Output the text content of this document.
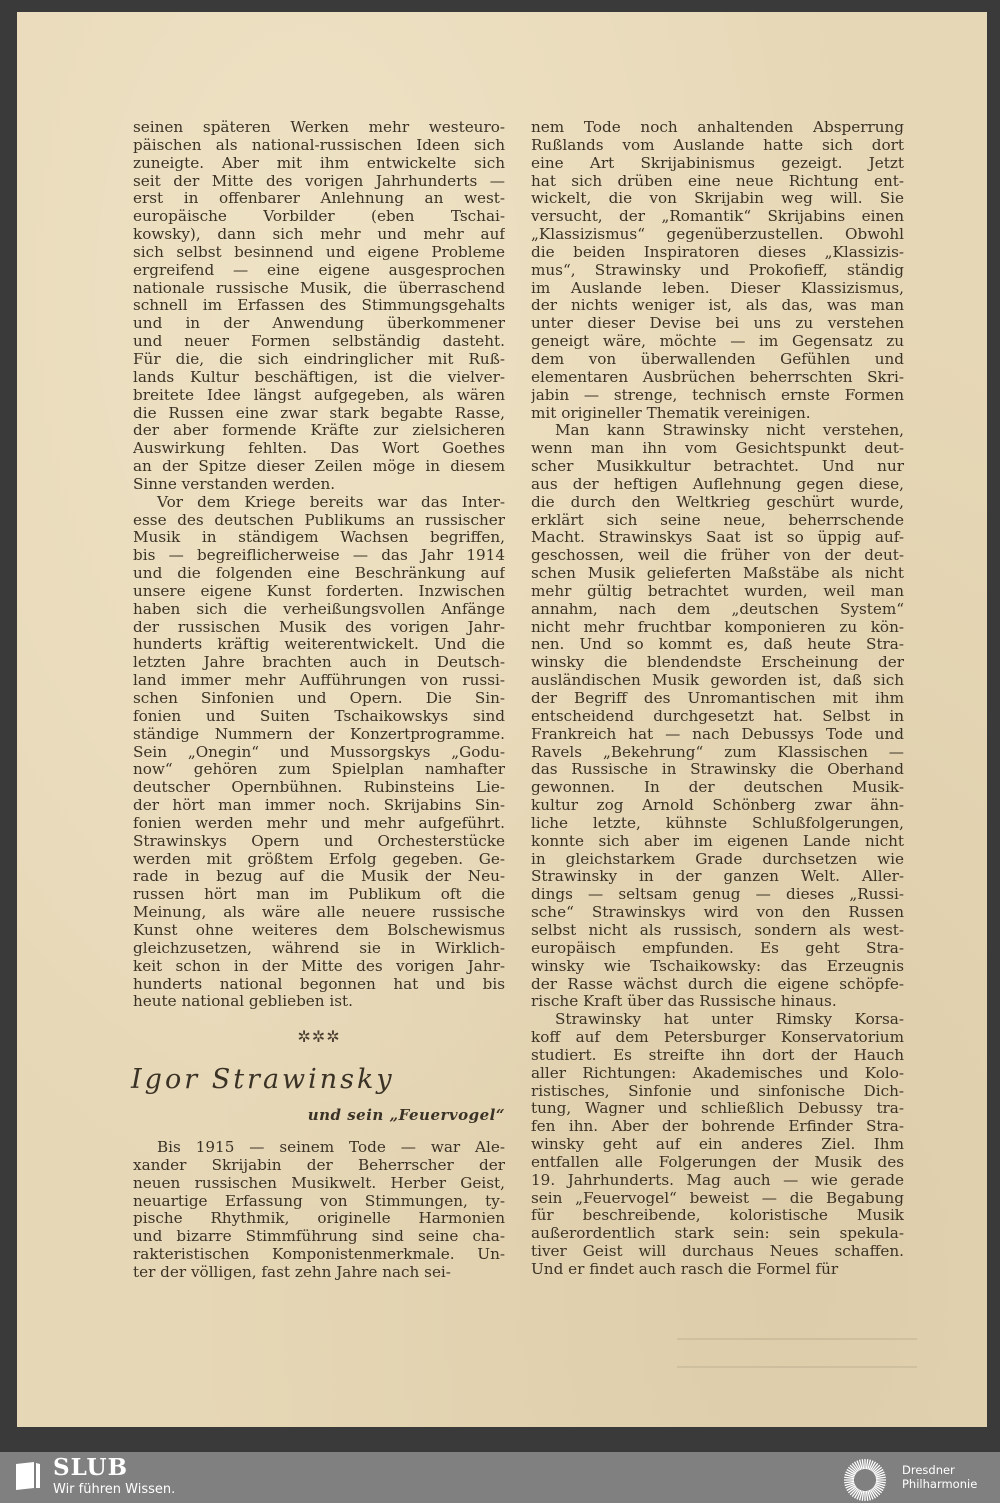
seinen späteren Werken mehr westeuro-
päischen als national-russischen Ideen sich
zuneigte. Aber mit ihm entwickelte sich
seit der Mitte des vorigen Jahrhunderts —
erst in offenbarer Anlehnung an west-
europäische Vorbilder (eben Tschai-
kowsky), dann sich mehr und mehr auf
sich selbst besinnend und eigene Probleme
ergreifend — eine eigene ausgesprochen
nationale russische Musik, die überraschend
schnell im Erfassen des Stimmungsgehalts
und in der Anwendung überkommener
und neuer Formen selbständig dasteht.
Für die, die sich eindringlicher mit Ruß-
lands Kultur beschäftigen, ist die vielver-
breitete Idee längst aufgegeben, als wären
die Russen eine zwar stark begabte Rasse,
der aber formende Kräfte zur zielsicheren
Auswirkung fehlten. Das Wort Goethes
an der Spitze dieser Zeilen möge in diesem
Sinne verstanden werden.
Vor dem Kriege bereits war das Inter-
esse des deutschen Publikums an russischer
Musik in ständigem Wachsen begriffen,
bis — begreiflicherweise — das Jahr 1914
und die folgenden eine Beschränkung auf
unsere eigene Kunst forderten. Inzwischen
haben sich die verheißungsvollen Anfänge
der russischen Musik des vorigen Jahr-
hunderts kräftig weiterentwickelt. Und die
letzten Jahre brachten auch in Deutsch-
land immer mehr Aufführungen von russi-
schen Sinfonien und Opern. Die Sin-
fonien und Suiten Tschaikowskys sind
ständige Nummern der Konzertprogramme.
Sein „Onegin“ und Mussorgskys „Godu-
now“ gehören zum Spielplan namhafter
deutscher Opernbühnen. Rubinsteins Lie-
der hört man immer noch. Skrijabins Sin-
fonien werden mehr und mehr aufgeführt.
Strawinskys Opern und Orchesterstücke
werden mit größtem Erfolg gegeben. Ge-
rade in bezug auf die Musik der Neu-
russen hört man im Publikum oft die
Meinung, als wäre alle neuere russische
Kunst ohne weiteres dem Bolschewismus
gleichzusetzen, während sie in Wirklich-
keit schon in der Mitte des vorigen Jahr-
hunderts national begonnen hat und bis
heute national geblieben ist.
✲✲✲
Igor Strawinsky
und sein „Feuervogel“
Bis 1915 — seinem Tode — war Ale-
xander Skrijabin der Beherrscher der
neuen russischen Musikwelt. Herber Geist,
neuartige Erfassung von Stimmungen, ty-
pische Rhythmik, originelle Harmonien
und bizarre Stimmführung sind seine cha-
rakteristischen Komponistenmerkmale. Un-
ter der völligen, fast zehn Jahre nach sei-
nem Tode noch anhaltenden Absperrung
Rußlands vom Auslande hatte sich dort
eine Art Skrijabinismus gezeigt. Jetzt
hat sich drüben eine neue Richtung ent-
wickelt, die von Skrijabin weg will. Sie
versucht, der „Romantik“ Skrijabins einen
„Klassizismus“ gegenüberzustellen. Obwohl
die beiden Inspiratoren dieses „Klassizis-
mus“, Strawinsky und Prokofieff, ständig
im Auslande leben. Dieser Klassizismus,
der nichts weniger ist, als das, was man
unter dieser Devise bei uns zu verstehen
geneigt wäre, möchte — im Gegensatz zu
dem von überwallenden Gefühlen und
elementaren Ausbrüchen beherrschten Skri-
jabin — strenge, technisch ernste Formen
mit origineller Thematik vereinigen.
Man kann Strawinsky nicht verstehen,
wenn man ihn vom Gesichtspunkt deut-
scher Musikkultur betrachtet. Und nur
aus der heftigen Auflehnung gegen diese,
die durch den Weltkrieg geschürt wurde,
erklärt sich seine neue, beherrschende
Macht. Strawinskys Saat ist so üppig auf-
geschossen, weil die früher von der deut-
schen Musik gelieferten Maßstäbe als nicht
mehr gültig betrachtet wurden, weil man
annahm, nach dem „deutschen System“
nicht mehr fruchtbar komponieren zu kön-
nen. Und so kommt es, daß heute Stra-
winsky die blendendste Erscheinung der
ausländischen Musik geworden ist, daß sich
der Begriff des Unromantischen mit ihm
entscheidend durchgesetzt hat. Selbst in
Frankreich hat — nach Debussys Tode und
Ravels „Bekehrung“ zum Klassischen —
das Russische in Strawinsky die Oberhand
gewonnen. In der deutschen Musik-
kultur zog Arnold Schönberg zwar ähn-
liche letzte, kühnste Schlußfolgerungen,
konnte sich aber im eigenen Lande nicht
in gleichstarkem Grade durchsetzen wie
Strawinsky in der ganzen Welt. Aller-
dings — seltsam genug — dieses „Russi-
sche“ Strawinskys wird von den Russen
selbst nicht als russisch, sondern als west-
europäisch empfunden. Es geht Stra-
winsky wie Tschaikowsky: das Erzeugnis
der Rasse wächst durch die eigene schöpfe-
rische Kraft über das Russische hinaus.
Strawinsky hat unter Rimsky Korsa-
koff auf dem Petersburger Konservatorium
studiert. Es streifte ihn dort der Hauch
aller Richtungen: Akademisches und Kolo-
ristisches, Sinfonie und sinfonische Dich-
tung, Wagner und schließlich Debussy tra-
fen ihn. Aber der bohrende Erfinder Stra-
winsky geht auf ein anderes Ziel. Ihm
entfallen alle Folgerungen der Musik des
19. Jahrhunderts. Mag auch — wie gerade
sein „Feuervogel“ beweist — die Begabung
für beschreibende, koloristische Musik
außerordentlich stark sein: sein spekula-
tiver Geist will durchaus Neues schaffen.
Und er findet auch rasch die Formel für
SLUB
Wir führen Wissen.
Dresdner
Philharmonie
